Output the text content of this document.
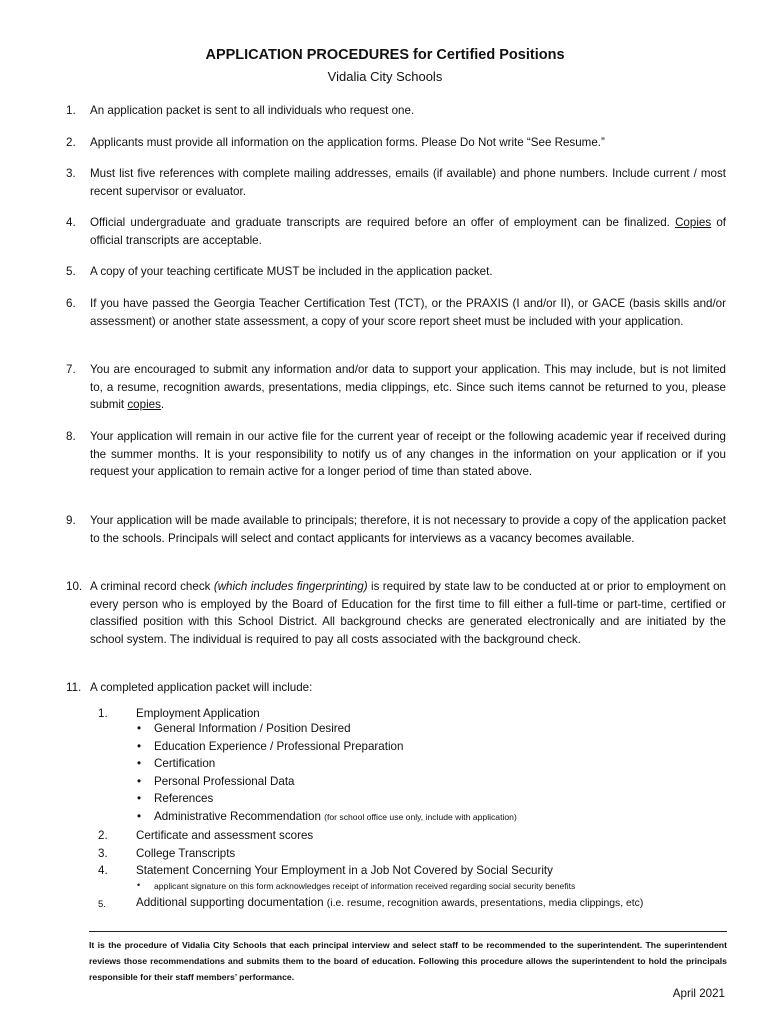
APPLICATION PROCEDURES for Certified Positions
Vidalia City Schools
1. An application packet is sent to all individuals who request one.
2. Applicants must provide all information on the application forms. Please Do Not write “See Resume.”
3. Must list five references with complete mailing addresses, emails (if available) and phone numbers. Include current / most recent supervisor or evaluator.
4. Official undergraduate and graduate transcripts are required before an offer of employment can be finalized. Copies of official transcripts are acceptable.
5. A copy of your teaching certificate MUST be included in the application packet.
6. If you have passed the Georgia Teacher Certification Test (TCT), or the PRAXIS (I and/or II), or GACE (basis skills and/or assessment) or another state assessment, a copy of your score report sheet must be included with your application.
7. You are encouraged to submit any information and/or data to support your application. This may include, but is not limited to, a resume, recognition awards, presentations, media clippings, etc. Since such items cannot be returned to you, please submit copies.
8. Your application will remain in our active file for the current year of receipt or the following academic year if received during the summer months. It is your responsibility to notify us of any changes in the information on your application or if you request your application to remain active for a longer period of time than stated above.
9. Your application will be made available to principals; therefore, it is not necessary to provide a copy of the application packet to the schools. Principals will select and contact applicants for interviews as a vacancy becomes available.
10. A criminal record check (which includes fingerprinting) is required by state law to be conducted at or prior to employment on every person who is employed by the Board of Education for the first time to fill either a full-time or part-time, certified or classified position with this School District. All background checks are generated electronically and are initiated by the school system. The individual is required to pay all costs associated with the background check.
11. A completed application packet will include:
1.	Employment Application
• General Information / Position Desired
• Education Experience / Professional Preparation
• Certification
• Personal Professional Data
• References
• Administrative Recommendation (for school office use only, include with application)
2.	Certificate and assessment scores
3.	College Transcripts
4.	Statement Concerning Your Employment in a Job Not Covered by Social Security
• applicant signature on this form acknowledges receipt of information received regarding social security benefits
5.	Additional supporting documentation (i.e. resume, recognition awards, presentations, media clippings, etc)
It is the procedure of Vidalia City Schools that each principal interview and select staff to be recommended to the superintendent. The superintendent reviews those recommendations and submits them to the board of education. Following this procedure allows the superintendent to hold the principals responsible for their staff members’ performance.
April 2021
